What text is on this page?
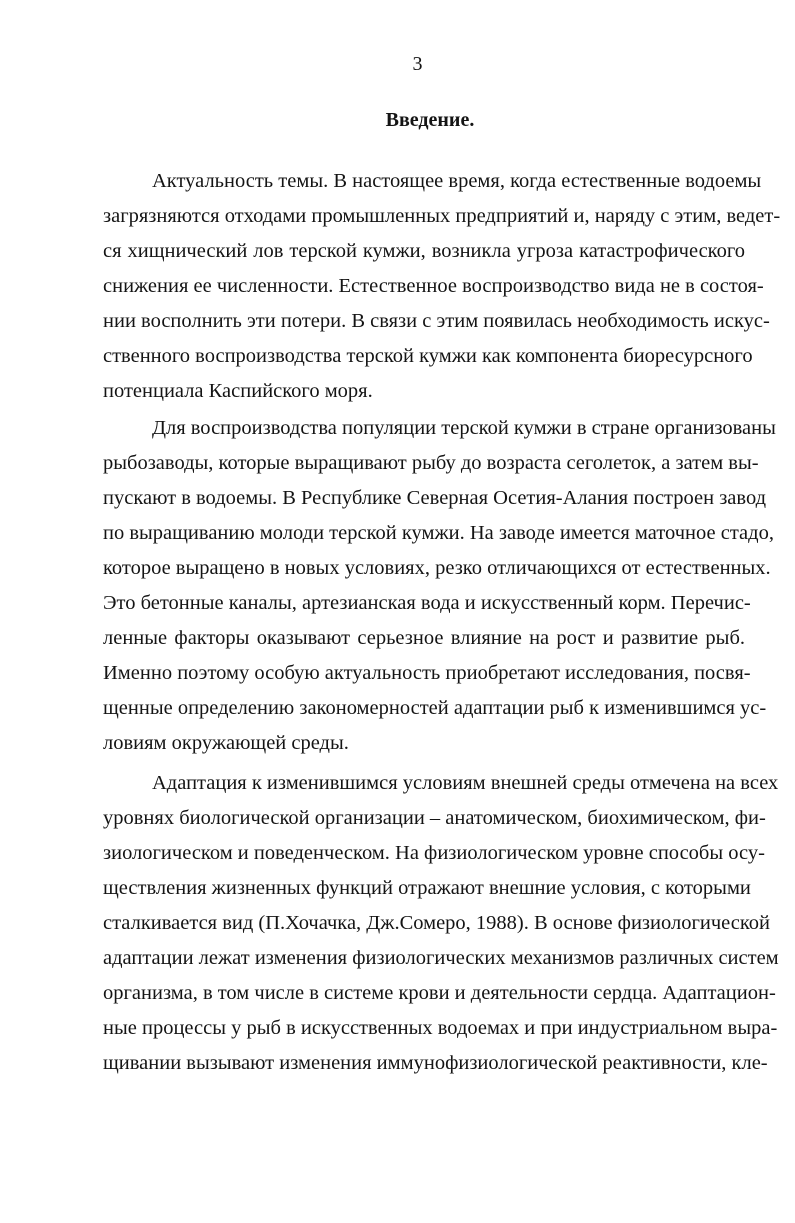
3
Введение.
Актуальность темы. В настоящее время, когда естественные водоемы
загрязняются отходами промышленных предприятий и, наряду с этим, ведет-
ся хищнический лов терской кумжи, возникла угроза катастрофического
снижения ее численности. Естественное воспроизводство вида не в состоя-
нии восполнить эти потери. В связи с этим появилась необходимость искус-
ственного воспроизводства терской кумжи как компонента биоресурсного
потенциала Каспийского моря.
Для воспроизводства популяции терской кумжи в стране организованы
рыбозаводы, которые выращивают рыбу до возраста сеголеток, а затем вы-
пускают в водоемы. В Республике Северная Осетия-Алания построен завод
по выращиванию молоди терской кумжи. На заводе имеется маточное стадо,
которое выращено в новых условиях, резко отличающихся от естественных.
Это бетонные каналы, артезианская вода и искусственный корм. Перечис-
ленные факторы оказывают серьезное влияние на рост и развитие рыб.
Именно поэтому особую актуальность приобретают исследования, посвя-
щенные определению закономерностей адаптации рыб к изменившимся ус-
ловиям окружающей среды.
Адаптация к изменившимся условиям внешней среды отмечена на всех
уровнях биологической организации – анатомическом, биохимическом, фи-
зиологическом и поведенческом. На физиологическом уровне способы осу-
ществления жизненных функций отражают внешние условия, с которыми
сталкивается вид (П.Хочачка, Дж.Сомеро, 1988). В основе физиологической
адаптации лежат изменения физиологических механизмов различных систем
организма, в том числе в системе крови и деятельности сердца. Адаптацион-
ные процессы у рыб в искусственных водоемах и при индустриальном выра-
щивании вызывают изменения иммунофизиологической реактивности, кле-
